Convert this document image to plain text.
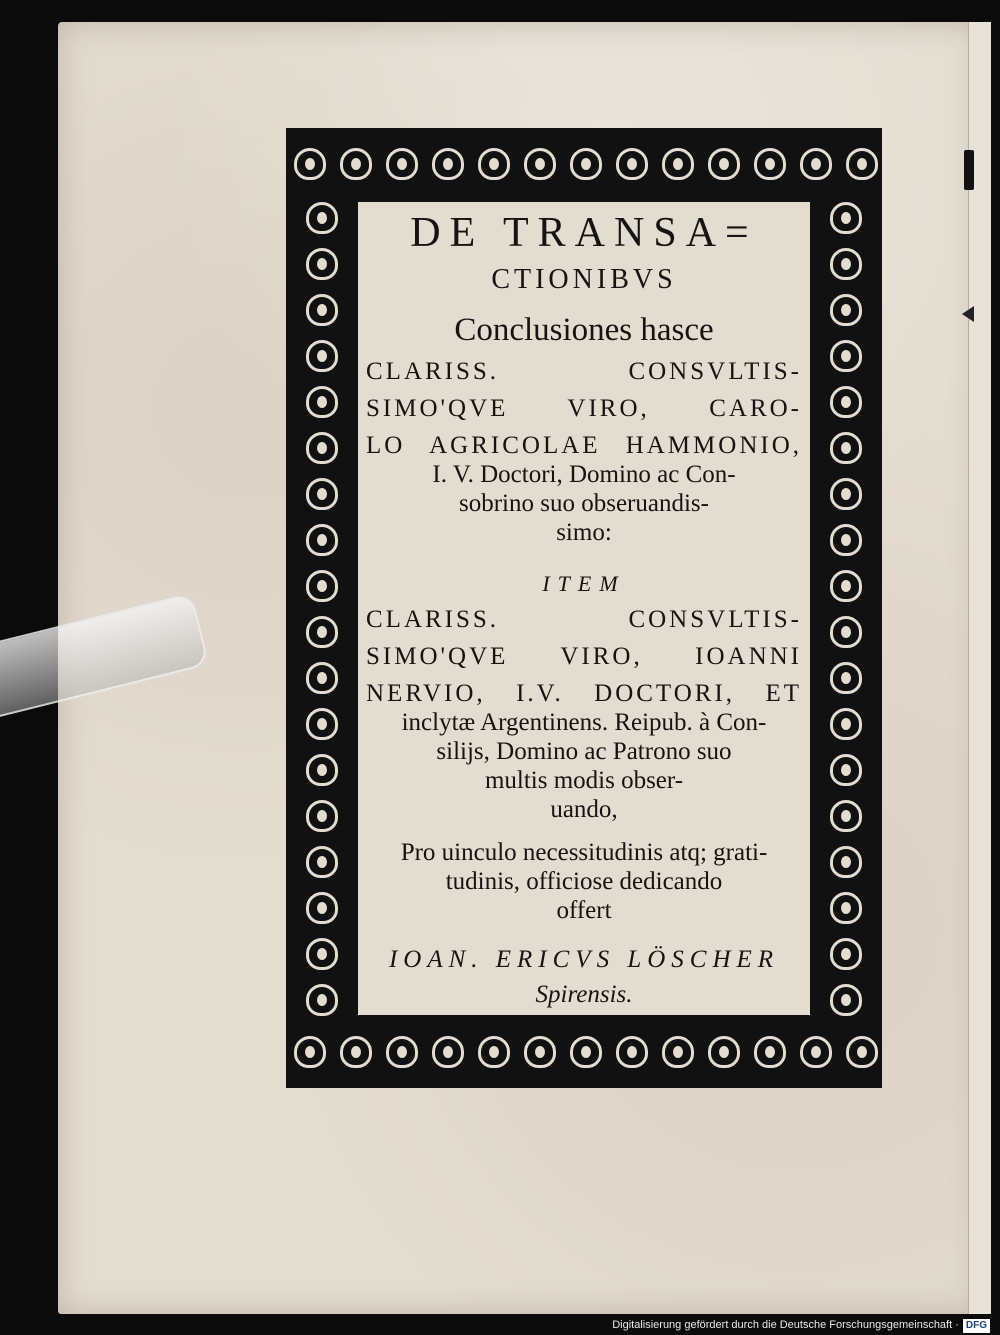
DE TRANSA=

CTIONIBVS

Conclusiones hasce

CLARISS. CONSVLTIS-

SIMO'QVE VIRO, CARO-

LO AGRICOLAE HAMMONIO,

I. V. Doctori, Domino ac Con-

sobrino suo obseruandis-

simo:

ITEM

CLARISS. CONSVLTIS-

SIMO'QVE VIRO, IOANNI

NERVIO, I.V. DOCTORI, ET

inclytæ Argentinens. Reipub. à Con-

silijs, Domino ac Patrono suo

multis modis obser-

uando,

Pro uinculo necessitudinis atq; grati-

tudinis, officiose dedicando

offert

IOAN. ERICVS LÖSCHER

Spirensis.

Digitalisierung gefördert durch die Deutsche Forschungsgemeinschaft · DFG
